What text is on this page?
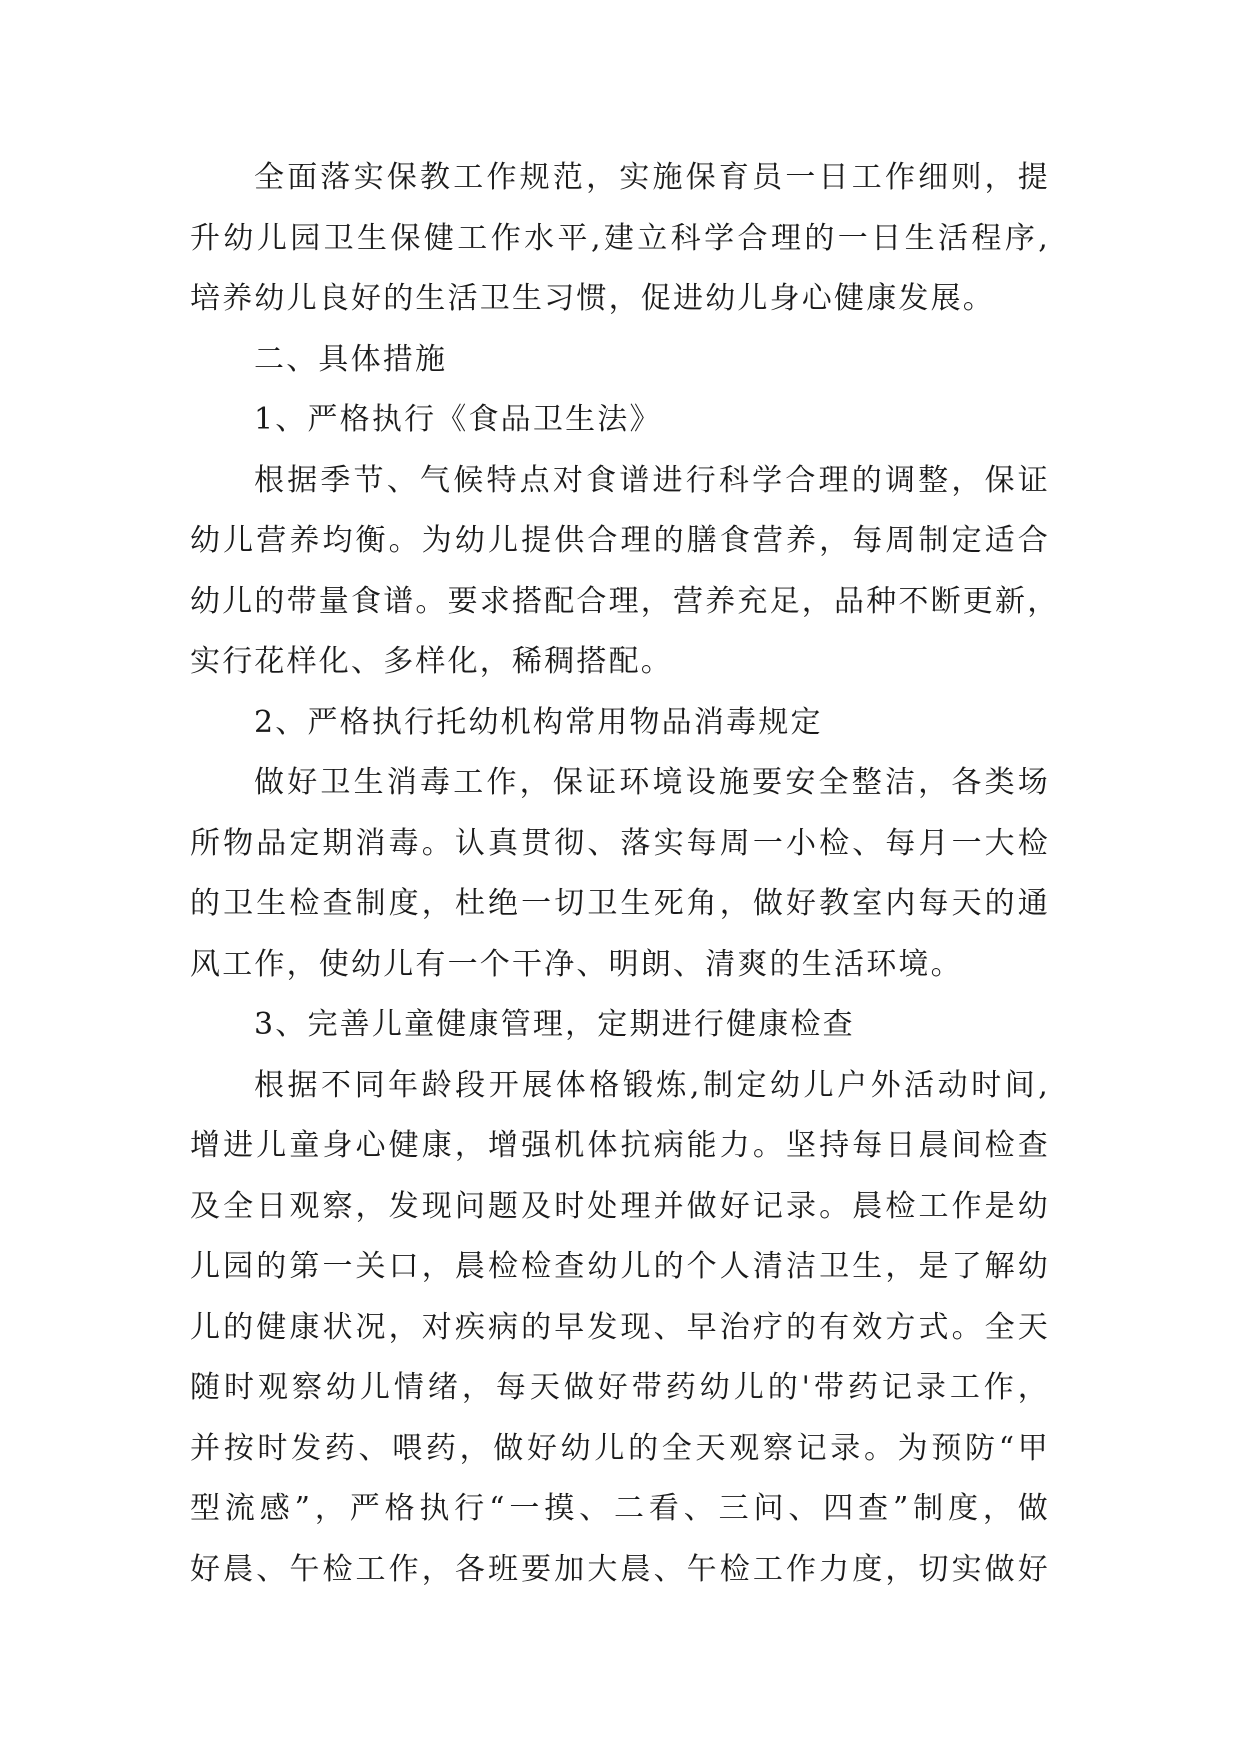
全面落实保教工作规范，实施保育员一日工作细则，提
升幼儿园卫生保健工作水平,建立科学合理的一日生活程序,
培养幼儿良好的生活卫生习惯，促进幼儿身心健康发展。
二、具体措施
1、严格执行《食品卫生法》
根据季节、气候特点对食谱进行科学合理的调整，保证
幼儿营养均衡。为幼儿提供合理的膳食营养，每周制定适合
幼儿的带量食谱。要求搭配合理，营养充足，品种不断更新，
实行花样化、多样化，稀稠搭配。
2、严格执行托幼机构常用物品消毒规定
做好卫生消毒工作，保证环境设施要安全整洁，各类场
所物品定期消毒。认真贯彻、落实每周一小检、每月一大检
的卫生检查制度，杜绝一切卫生死角，做好教室内每天的通
风工作，使幼儿有一个干净、明朗、清爽的生活环境。
3、完善儿童健康管理，定期进行健康检查
根据不同年龄段开展体格锻炼,制定幼儿户外活动时间,
增进儿童身心健康，增强机体抗病能力。坚持每日晨间检查
及全日观察，发现问题及时处理并做好记录。晨检工作是幼
儿园的第一关口，晨检检查幼儿的个人清洁卫生，是了解幼
儿的健康状况，对疾病的早发现、早治疗的有效方式。全天
随时观察幼儿情绪，每天做好带药幼儿的'带药记录工作，
并按时发药、喂药，做好幼儿的全天观察记录。为预防“甲
型流感”，严格执行“一摸、二看、三问、四查”制度，做
好晨、午检工作，各班要加大晨、午检工作力度，切实做好
